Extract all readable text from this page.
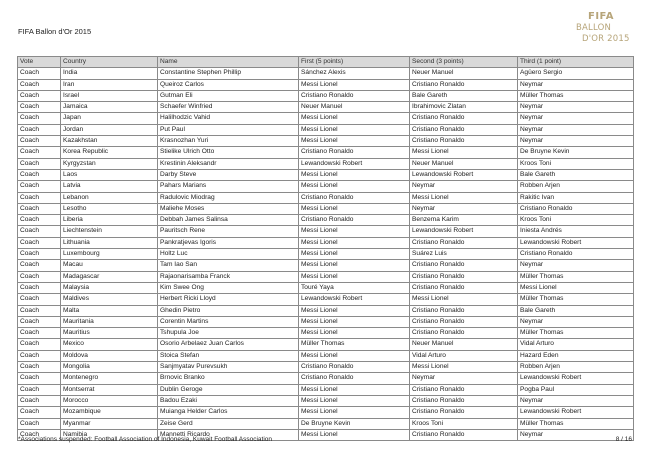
FIFA Ballon d'Or 2015
FIFA
BALLON
D'OR 2015
Vote	Country	Name	First (5 points)	Second (3 points)	Third (1 point)
Coach	India	Constantine Stephen Phillip	Sánchez Alexis	Neuer Manuel	Agüero Sergio
Coach	Iran	Queiroz Carlos	Messi Lionel	Cristiano Ronaldo	Neymar
Coach	Israel	Gutman Eli	Cristiano Ronaldo	Bale Gareth	Müller Thomas
Coach	Jamaica	Schaefer Winfried	Neuer Manuel	Ibrahimovic Zlatan	Neymar
Coach	Japan	Halilhodzic Vahid	Messi Lionel	Cristiano Ronaldo	Neymar
Coach	Jordan	Put Paul	Messi Lionel	Cristiano Ronaldo	Neymar
Coach	Kazakhstan	Krasnozhan Yuri	Messi Lionel	Cristiano Ronaldo	Neymar
Coach	Korea Republic	Stielike Ulrich Otto	Cristiano Ronaldo	Messi Lionel	De Bruyne Kevin
Coach	Kyrgyzstan	Krestinin Aleksandr	Lewandowski Robert	Neuer Manuel	Kroos Toni
Coach	Laos	Darby Steve	Messi Lionel	Lewandowski Robert	Bale Gareth
Coach	Latvia	Pahars Marians	Messi Lionel	Neymar	Robben Arjen
Coach	Lebanon	Radulovic Miodrag	Cristiano Ronaldo	Messi Lionel	Rakitic Ivan
Coach	Lesotho	Maliehe Moses	Messi Lionel	Neymar	Cristiano Ronaldo
Coach	Liberia	Debbah James Salinsa	Cristiano Ronaldo	Benzema Karim	Kroos Toni
Coach	Liechtenstein	Pauritsch Rene	Messi Lionel	Lewandowski Robert	Iniesta Andrés
Coach	Lithuania	Pankratjevas Igoris	Messi Lionel	Cristiano Ronaldo	Lewandowski Robert
Coach	Luxembourg	Holtz Luc	Messi Lionel	Suárez Luis	Cristiano Ronaldo
Coach	Macau	Tam Iao San	Messi Lionel	Cristiano Ronaldo	Neymar
Coach	Madagascar	Rajaonarisamba Franck	Messi Lionel	Cristiano Ronaldo	Müller Thomas
Coach	Malaysia	Kim Swee Ong	Touré Yaya	Cristiano Ronaldo	Messi Lionel
Coach	Maldives	Herbert Ricki Lloyd	Lewandowski Robert	Messi Lionel	Müller Thomas
Coach	Malta	Ghedin Pietro	Messi Lionel	Cristiano Ronaldo	Bale Gareth
Coach	Mauritania	Corentin Martins	Messi Lionel	Cristiano Ronaldo	Neymar
Coach	Mauritius	Tshupula Joe	Messi Lionel	Cristiano Ronaldo	Müller Thomas
Coach	Mexico	Osorio Arbelaez Juan Carlos	Müller Thomas	Neuer Manuel	Vidal Arturo
Coach	Moldova	Stoica Stefan	Messi Lionel	Vidal Arturo	Hazard Eden
Coach	Mongolia	Sanjmyatav Purevsukh	Cristiano Ronaldo	Messi Lionel	Robben Arjen
Coach	Montenegro	Brnovic Branko	Cristiano Ronaldo	Neymar	Lewandowski Robert
Coach	Montserrat	Dublin Geroge	Messi Lionel	Cristiano Ronaldo	Pogba Paul
Coach	Morocco	Badou Ezaki	Messi Lionel	Cristiano Ronaldo	Neymar
Coach	Mozambique	Muianga Helder Carlos	Messi Lionel	Cristiano Ronaldo	Lewandowski Robert
Coach	Myanmar	Zeise Gerd	De Bruyne Kevin	Kroos Toni	Müller Thomas
Coach	Namibia	Mannetti Ricardo	Messi Lionel	Cristiano Ronaldo	Neymar
*Associations suspended: Football Association of Indonesia, Kuwait Football Association	8 / 16
